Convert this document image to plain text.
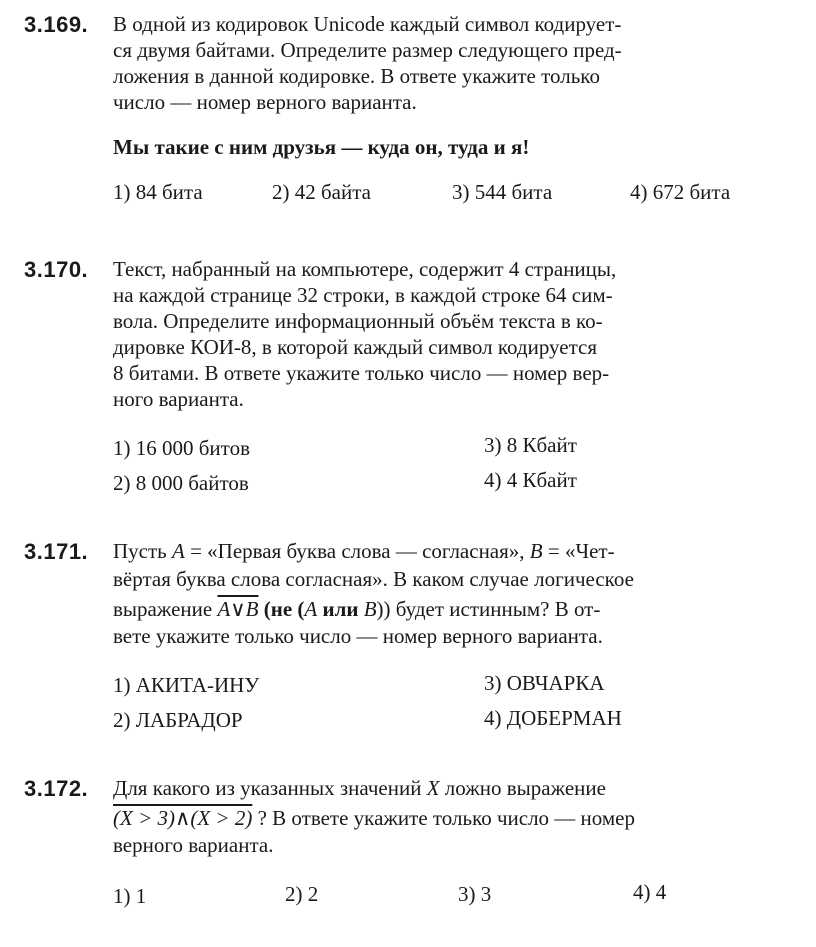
3.169. В одной из кодировок Unicode каждый символ кодирует-
ся двумя байтами. Определите размер следующего пред-
ложения в данной кодировке. В ответе укажите только
число — номер верного варианта.
Мы такие с ним друзья — куда он, туда и я!
1) 84 бита	2) 42 байта	3) 544 бита	4) 672 бита
3.170. Текст, набранный на компьютере, содержит 4 страницы,
на каждой странице 32 строки, в каждой строке 64 сим-
вола. Определите информационный объём текста в ко-
дировке КОИ-8, в которой каждый символ кодируется
8 битами. В ответе укажите только число — номер вер-
ного варианта.
1) 16 000 битов	3) 8 Кбайт
2) 8 000 байтов	4) 4 Кбайт
3.171. Пусть A = «Первая буква слова — согласная», B = «Чет-
вёртая буква слова согласная». В каком случае логическое
выражение A∨B (не (A или B)) будет истинным? В от-
вете укажите только число — номер верного варианта.
1) АКИТА-ИНУ	3) ОВЧАРКА
2) ЛАБРАДОР	4) ДОБЕРМАН
3.172. Для какого из указанных значений X ложно выражение
(X > 3)∧(X > 2) ? В ответе укажите только число — номер
верного варианта.
1) 1	2) 2	3) 3	4) 4
